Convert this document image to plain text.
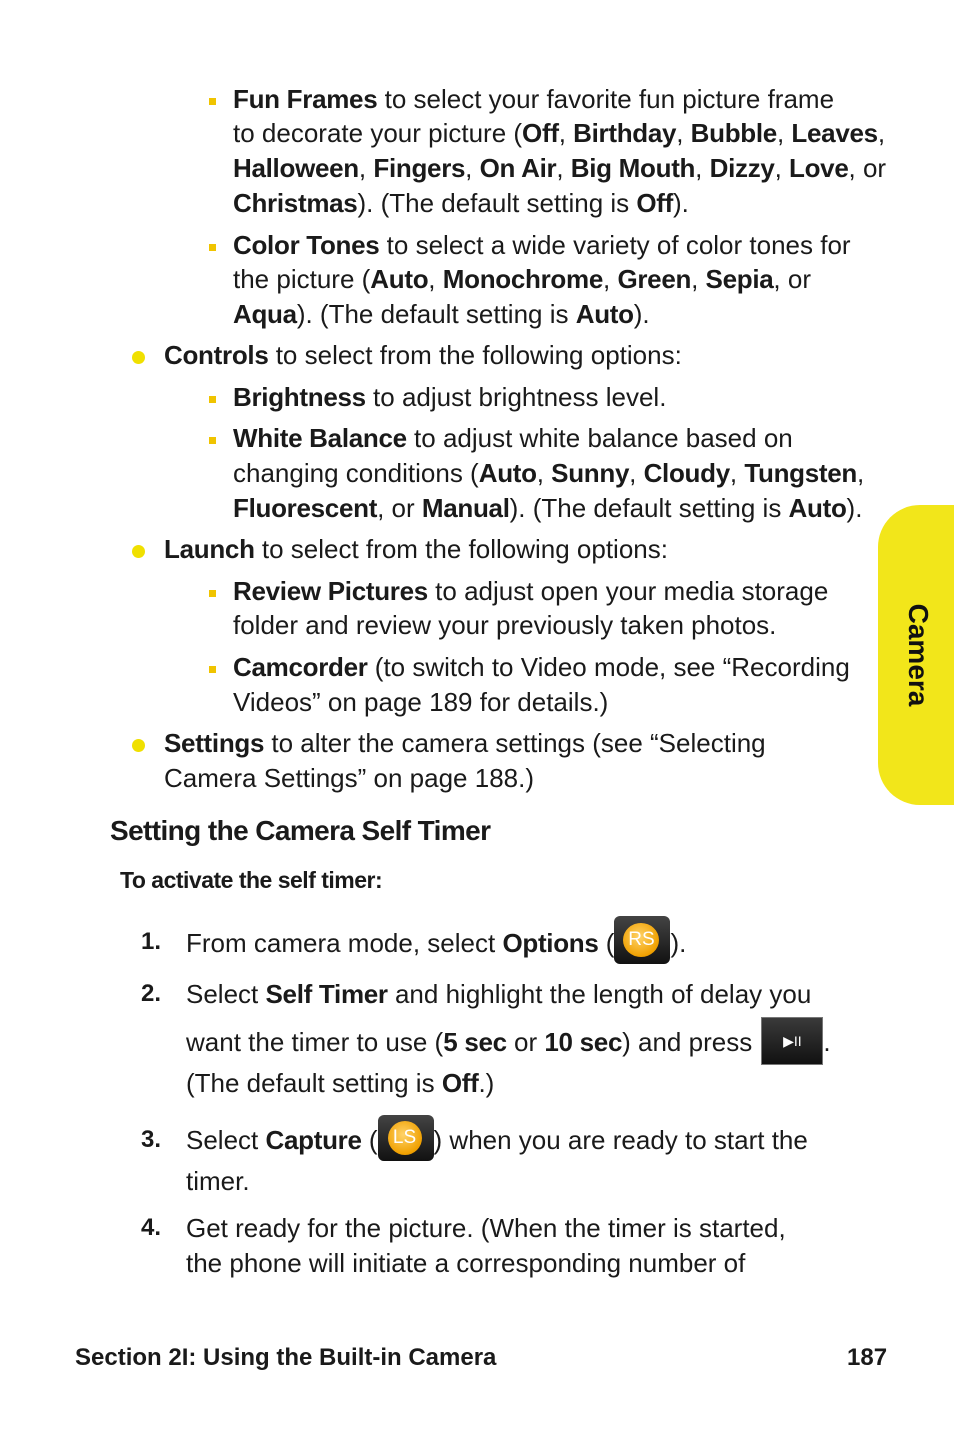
Camera
Fun Frames to select your favorite fun picture frame
to decorate your picture (Off, Birthday, Bubble, Leaves,
Halloween, Fingers, On Air, Big Mouth, Dizzy, Love, or
Christmas). (The default setting is Off).
Color Tones to select a wide variety of color tones for
the picture (Auto, Monochrome, Green, Sepia, or
Aqua). (The default setting is Auto).
Controls to select from the following options:
Brightness to adjust brightness level.
White Balance to adjust white balance based on
changing conditions (Auto, Sunny, Cloudy, Tungsten,
Fluorescent, or Manual). (The default setting is Auto).
Launch to select from the following options:
Review Pictures to adjust open your media storage
folder and review your previously taken photos.
Camcorder (to switch to Video mode, see “Recording
Videos” on page 189 for details.)
Settings to alter the camera settings (see “Selecting
Camera Settings” on page 188.)
Setting the Camera Self Timer
To activate the self timer:
1. From camera mode, select Options ( RS ).
2. Select Self Timer and highlight the length of delay you
want the timer to use (5 sec or 10 sec) and press ▶II .
(The default setting is Off.)
3. Select Capture ( LS ) when you are ready to start the
timer.
4. Get ready for the picture. (When the timer is started,
the phone will initiate a corresponding number of
Section 2I: Using the Built-in Camera	187
